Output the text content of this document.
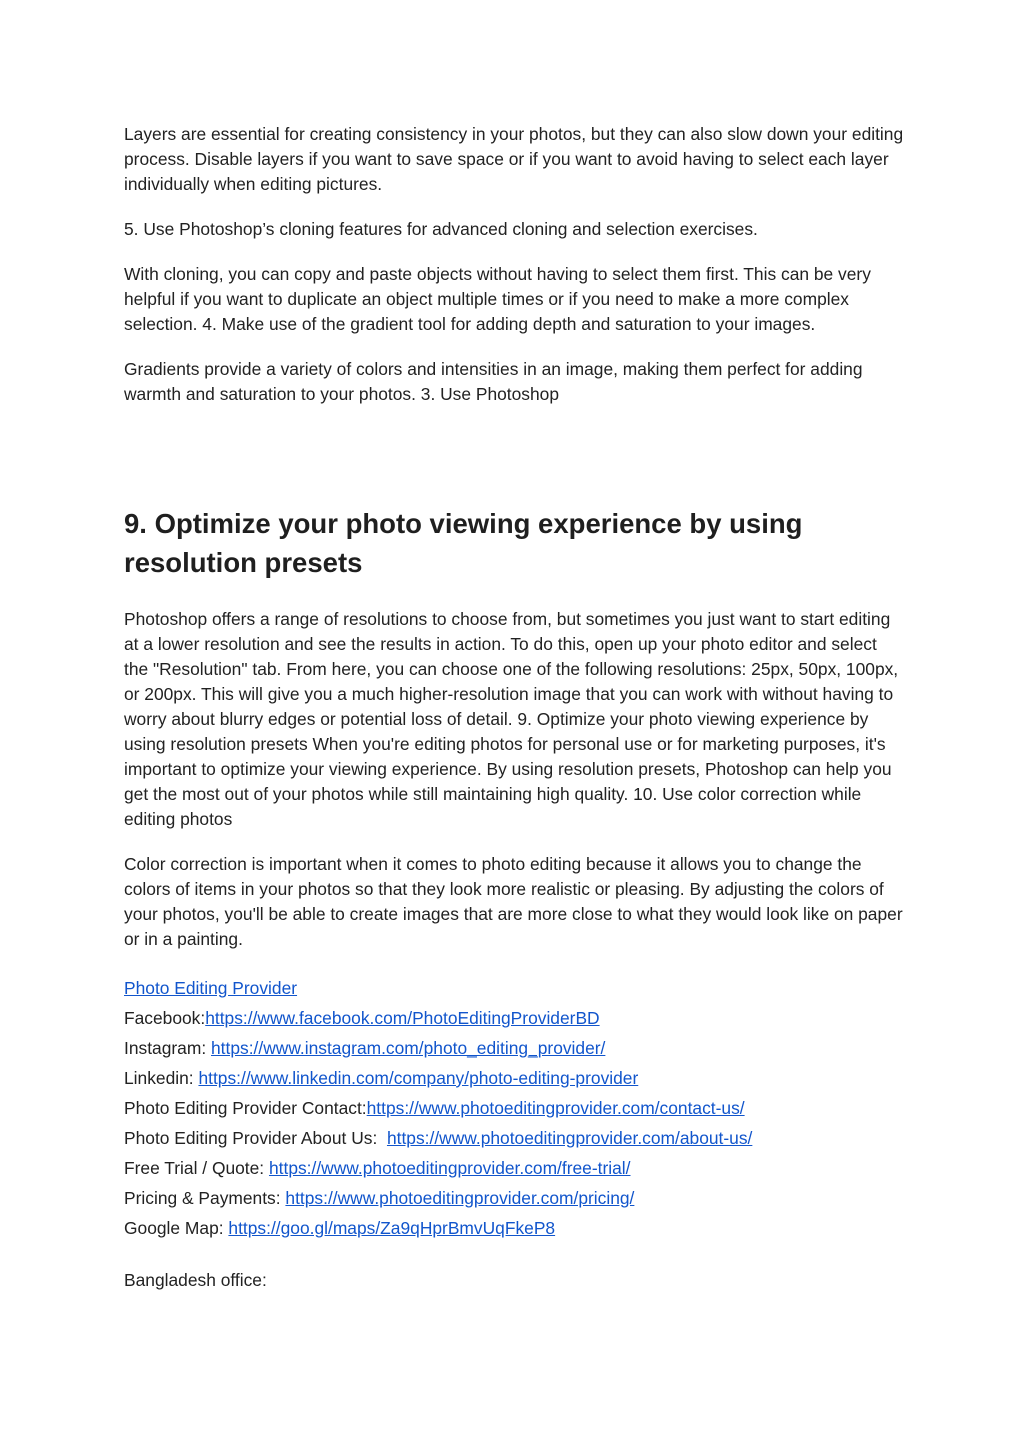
Layers are essential for creating consistency in your photos, but they can also slow down your editing process. Disable layers if you want to save space or if you want to avoid having to select each layer individually when editing pictures.

5. Use Photoshop’s cloning features for advanced cloning and selection exercises.

With cloning, you can copy and paste objects without having to select them first. This can be very helpful if you want to duplicate an object multiple times or if you need to make a more complex selection. 4. Make use of the gradient tool for adding depth and saturation to your images.

Gradients provide a variety of colors and intensities in an image, making them perfect for adding warmth and saturation to your photos. 3. Use Photoshop

9. Optimize your photo viewing experience by using resolution presets

Photoshop offers a range of resolutions to choose from, but sometimes you just want to start editing at a lower resolution and see the results in action. To do this, open up your photo editor and select the "Resolution" tab. From here, you can choose one of the following resolutions: 25px, 50px, 100px, or 200px. This will give you a much higher-resolution image that you can work with without having to worry about blurry edges or potential loss of detail. 9. Optimize your photo viewing experience by using resolution presets When you're editing photos for personal use or for marketing purposes, it's important to optimize your viewing experience. By using resolution presets, Photoshop can help you get the most out of your photos while still maintaining high quality. 10. Use color correction while editing photos

Color correction is important when it comes to photo editing because it allows you to change the colors of items in your photos so that they look more realistic or pleasing. By adjusting the colors of your photos, you'll be able to create images that are more close to what they would look like on paper or in a painting.

Photo Editing Provider
Facebook:https://www.facebook.com/PhotoEditingProviderBD
Instagram: https://www.instagram.com/photo_editing_provider/
Linkedin: https://www.linkedin.com/company/photo-editing-provider
Photo Editing Provider Contact:https://www.photoeditingprovider.com/contact-us/
Photo Editing Provider About Us:  https://www.photoeditingprovider.com/about-us/
Free Trial / Quote: https://www.photoeditingprovider.com/free-trial/
Pricing & Payments: https://www.photoeditingprovider.com/pricing/
Google Map: https://goo.gl/maps/Za9qHprBmvUqFkeP8
Bangladesh office:
